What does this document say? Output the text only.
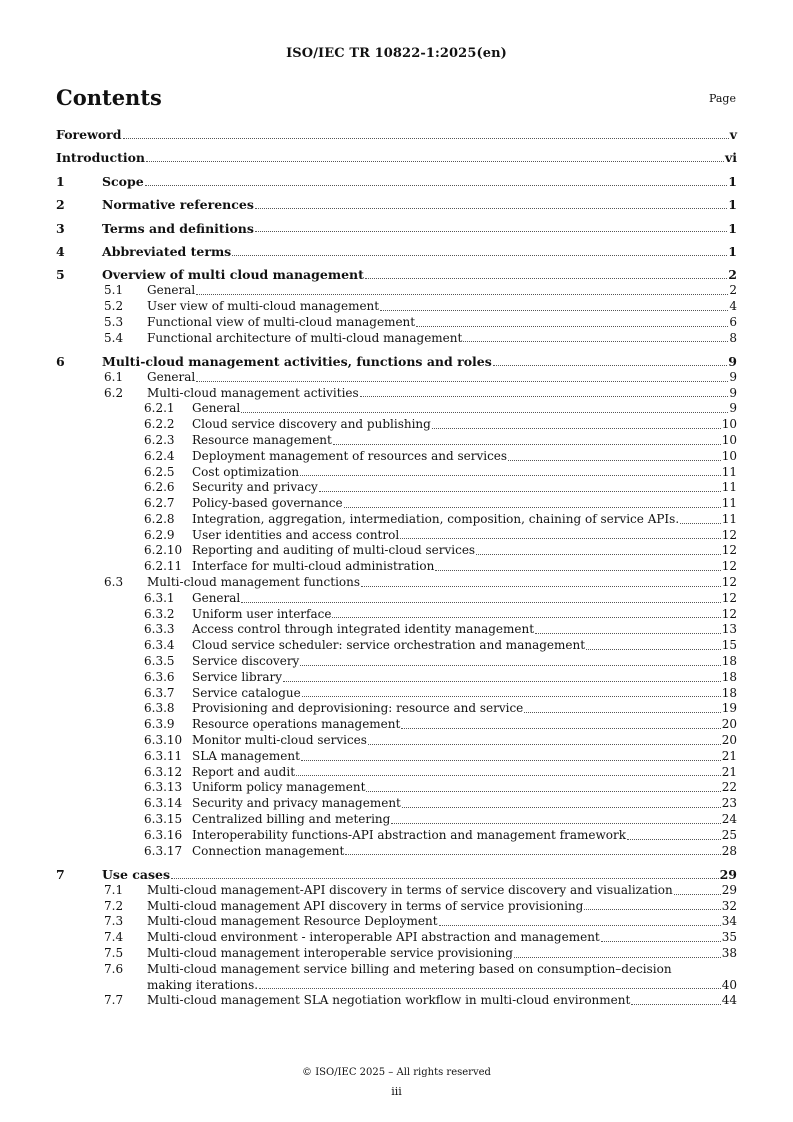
ISO/IEC TR 10822-1:2025(en)
Contents	Page
Foreword	v
Introduction	vi
1	Scope	1
2	Normative references	1
3	Terms and definitions	1
4	Abbreviated terms	1
5	Overview of multi cloud management	2
5.1	General	2
5.2	User view of multi-cloud management	4
5.3	Functional view of multi-cloud management	6
5.4	Functional architecture of multi-cloud management	8
6	Multi-cloud management activities, functions and roles	9
6.1	General	9
6.2	Multi-cloud management activities	9
6.2.1	General	9
6.2.2	Cloud service discovery and publishing	10
6.2.3	Resource management	10
6.2.4	Deployment management of resources and services	10
6.2.5	Cost optimization	11
6.2.6	Security and privacy	11
6.2.7	Policy-based governance	11
6.2.8	Integration, aggregation, intermediation, composition, chaining of service APIs.	11
6.2.9	User identities and access control	12
6.2.10 Reporting and auditing of multi-cloud services	12
6.2.11 Interface for multi-cloud administration	12
6.3	Multi-cloud management functions	12
6.3.1	General	12
6.3.2	Uniform user interface	12
6.3.3	Access control through integrated identity management	13
6.3.4	Cloud service scheduler: service orchestration and management	15
6.3.5	Service discovery	18
6.3.6	Service library	18
6.3.7	Service catalogue	18
6.3.8	Provisioning and deprovisioning: resource and service	19
6.3.9	Resource operations management	20
6.3.10 Monitor multi-cloud services	20
6.3.11 SLA management	21
6.3.12 Report and audit	21
6.3.13 Uniform policy management	22
6.3.14 Security and privacy management	23
6.3.15 Centralized billing and metering	24
6.3.16 Interoperability functions-API abstraction and management framework	25
6.3.17 Connection management	28
7	Use cases	29
7.1	Multi-cloud management-API discovery in terms of service discovery and visualization	29
7.2	Multi-cloud management API discovery in terms of service provisioning	32
7.3	Multi-cloud management Resource Deployment	34
7.4	Multi-cloud environment - interoperable API abstraction and management	35
7.5	Multi-cloud management interoperable service provisioning	38
7.6	Multi-cloud management service billing and metering based on consumption–decision
making iterations.	40
7.7	Multi-cloud management SLA negotiation workflow in multi-cloud environment	44
© ISO/IEC 2025 – All rights reserved
iii
